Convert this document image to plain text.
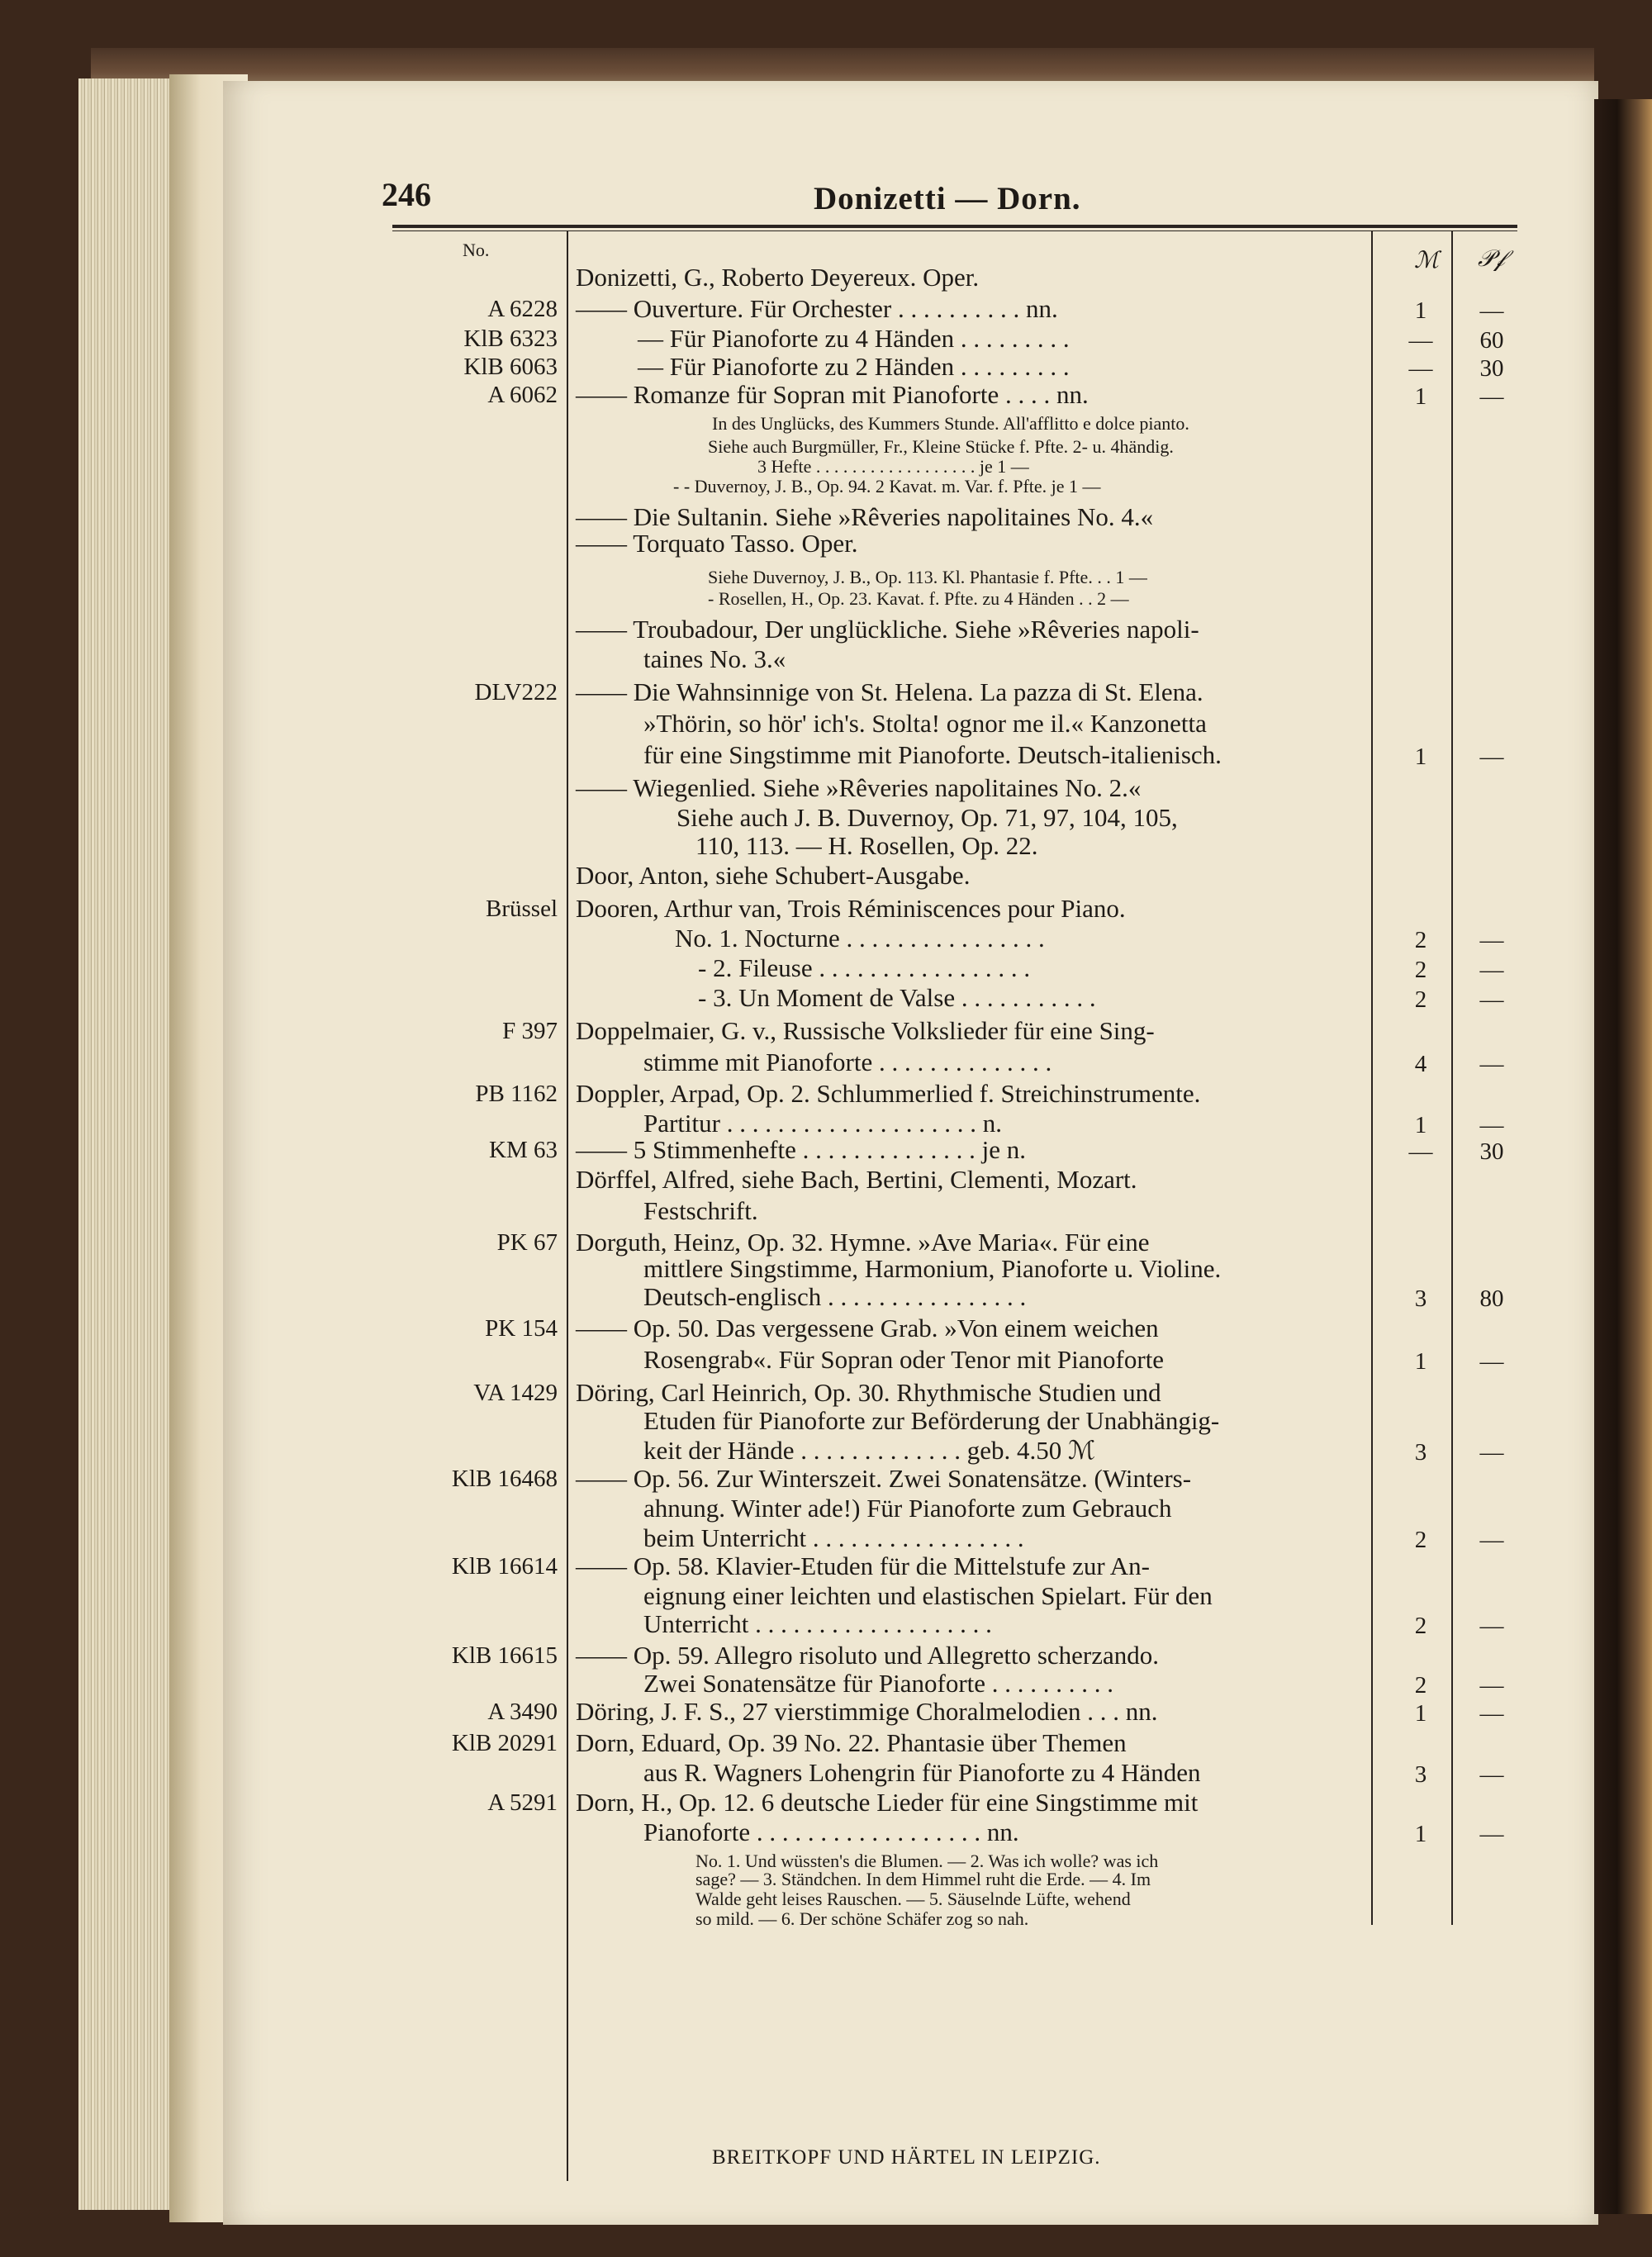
246	Donizetti — Dorn.
No.	ℳ 𝒫𝒻
Donizetti, G., Roberto Deyereux. Oper.
A 6228 —— Ouverture. Für Orchester . . . . . . . . . . nn.	1	—
KlB 6323	— Für Pianoforte zu 4 Händen . . . . . . . . .	—	60
KlB 6063	— Für Pianoforte zu 2 Händen . . . . . . . . .	—	30
A 6062 —— Romanze für Sopran mit Pianoforte . . . . nn.	1	—
In des Unglücks, des Kummers Stunde. All'afflitto e dolce pianto.
Siehe auch Burgmüller, Fr., Kleine Stücke f. Pfte. 2- u. 4händig.
3 Hefte . . . . . . . . . . . . . . . . . . je 1 —
- - Duvernoy, J. B., Op. 94. 2 Kavat. m. Var. f. Pfte. je 1 —
—— Die Sultanin. Siehe »Rêveries napolitaines No. 4.«
—— Torquato Tasso. Oper.
Siehe Duvernoy, J. B., Op. 113. Kl. Phantasie f. Pfte. . . 1 —
- Rosellen, H., Op. 23. Kavat. f. Pfte. zu 4 Händen . . 2 —
—— Troubadour, Der unglückliche. Siehe »Rêveries napoli-
taines No. 3.«
DLV222 —— Die Wahnsinnige von St. Helena. La pazza di St. Elena.
»Thörin, so hör' ich's. Stolta! ognor me il.« Kanzonetta
für eine Singstimme mit Pianoforte. Deutsch-italienisch.	1	—
—— Wiegenlied. Siehe »Rêveries napolitaines No. 2.«
Siehe auch J. B. Duvernoy, Op. 71, 97, 104, 105,
110, 113. — H. Rosellen, Op. 22.
Door, Anton, siehe Schubert-Ausgabe.
Brüssel Dooren, Arthur van, Trois Réminiscences pour Piano.
No. 1. Nocturne . . . . . . . . . . . . . . . .	2	—
- 2. Fileuse . . . . . . . . . . . . . . . . .	2	—
- 3. Un Moment de Valse . . . . . . . . . . .	2	—
F 397 Doppelmaier, G. v., Russische Volkslieder für eine Sing-
stimme mit Pianoforte . . . . . . . . . . . . . .	4	—
PB 1162 Doppler, Arpad, Op. 2. Schlummerlied f. Streichinstrumente.
Partitur . . . . . . . . . . . . . . . . . . . . n.	1	—
KM 63 —— 5 Stimmenhefte . . . . . . . . . . . . . . je n.	—	30
Dörffel, Alfred, siehe Bach, Bertini, Clementi, Mozart.
Festschrift.
PK 67 Dorguth, Heinz, Op. 32. Hymne. »Ave Maria«. Für eine
mittlere Singstimme, Harmonium, Pianoforte u. Violine.
Deutsch-englisch . . . . . . . . . . . . . . . .	3	80
PK 154 —— Op. 50. Das vergessene Grab. »Von einem weichen
Rosengrab«. Für Sopran oder Tenor mit Pianoforte	1	—
VA 1429 Döring, Carl Heinrich, Op. 30. Rhythmische Studien und
Etuden für Pianoforte zur Beförderung der Unabhängig-
keit der Hände . . . . . . . . . . . . . geb. 4.50 ℳ	3	—
KlB 16468 —— Op. 56. Zur Winterszeit. Zwei Sonatensätze. (Winters-
ahnung. Winter ade!) Für Pianoforte zum Gebrauch
beim Unterricht . . . . . . . . . . . . . . . . .	2	—
KlB 16614 —— Op. 58. Klavier-Etuden für die Mittelstufe zur An-
eignung einer leichten und elastischen Spielart. Für den
Unterricht . . . . . . . . . . . . . . . . . . .	2	—
KlB 16615 —— Op. 59. Allegro risoluto und Allegretto scherzando.
Zwei Sonatensätze für Pianoforte . . . . . . . . . .	2	—
A 3490 Döring, J. F. S., 27 vierstimmige Choralmelodien . . . nn.	1	—
KlB 20291 Dorn, Eduard, Op. 39 No. 22. Phantasie über Themen
aus R. Wagners Lohengrin für Pianoforte zu 4 Händen	3	—
A 5291 Dorn, H., Op. 12. 6 deutsche Lieder für eine Singstimme mit
Pianoforte . . . . . . . . . . . . . . . . . . nn.	1	—
No. 1. Und wüssten's die Blumen. — 2. Was ich wolle? was ich
sage? — 3. Ständchen. In dem Himmel ruht die Erde. — 4. Im
Walde geht leises Rauschen. — 5. Säuselnde Lüfte, wehend
so mild. — 6. Der schöne Schäfer zog so nah.
BREITKOPF UND HÄRTEL IN LEIPZIG.
